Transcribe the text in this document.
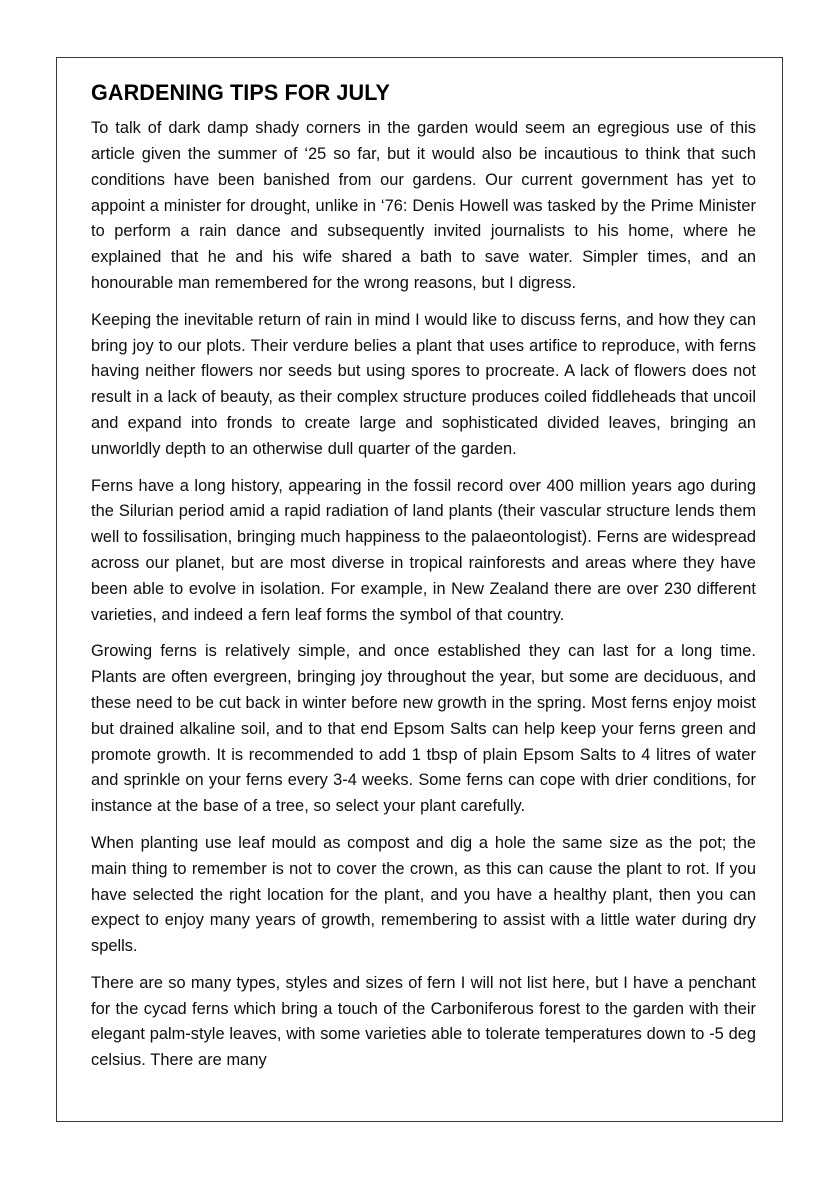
GARDENING TIPS FOR JULY

To talk of dark damp shady corners in the garden would seem an egregious use of this article given the summer of ‘25 so far, but it would also be incautious to think that such conditions have been banished from our gardens. Our current government has yet to appoint a minister for drought, unlike in ‘76: Denis Howell was tasked by the Prime Minister to perform a rain dance and subsequently invited journalists to his home, where he explained that he and his wife shared a bath to save water. Simpler times, and an honourable man remembered for the wrong reasons, but I digress.

Keeping the inevitable return of rain in mind I would like to discuss ferns, and how they can bring joy to our plots. Their verdure belies a plant that uses artifice to reproduce, with ferns having neither flowers nor seeds but using spores to procreate. A lack of flowers does not result in a lack of beauty, as their complex structure produces coiled fiddleheads that uncoil and expand into fronds to create large and sophisticated divided leaves, bringing an unworldly depth to an otherwise dull quarter of the garden.

Ferns have a long history, appearing in the fossil record over 400 million years ago during the Silurian period amid a rapid radiation of land plants (their vascular structure lends them well to fossilisation, bringing much happiness to the palaeontologist). Ferns are widespread across our planet, but are most diverse in tropical rainforests and areas where they have been able to evolve in isolation. For example, in New Zealand there are over 230 different varieties, and indeed a fern leaf forms the symbol of that country.

Growing ferns is relatively simple, and once established they can last for a long time. Plants are often evergreen, bringing joy throughout the year, but some are deciduous, and these need to be cut back in winter before new growth in the spring. Most ferns enjoy moist but drained alkaline soil, and to that end Epsom Salts can help keep your ferns green and promote growth. It is recommended to add 1 tbsp of plain Epsom Salts to 4 litres of water and sprinkle on your ferns every 3-4 weeks. Some ferns can cope with drier conditions, for instance at the base of a tree, so select your plant carefully.

When planting use leaf mould as compost and dig a hole the same size as the pot; the main thing to remember is not to cover the crown, as this can cause the plant to rot. If you have selected the right location for the plant, and you have a healthy plant, then you can expect to enjoy many years of growth, remembering to assist with a little water during dry spells.

There are so many types, styles and sizes of fern I will not list here, but I have a penchant for the cycad ferns which bring a touch of the Carboniferous forest to the garden with their elegant palm-style leaves, with some varieties able to tolerate temperatures down to -5 deg celsius. There are many
